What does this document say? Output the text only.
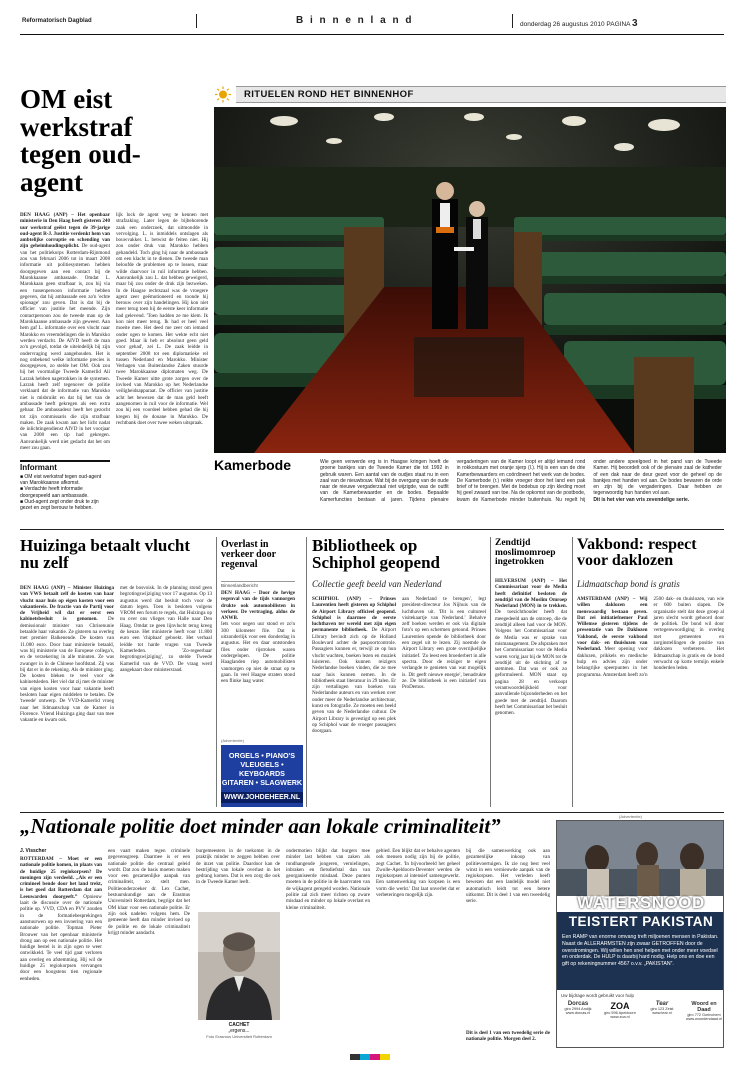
Reformatorisch Dagblad	B i n n e n l a n d	donderdag 26 augustus 2010 PAGINA 3
OM eist werkstraf tegen oud-agent
DEN HAAG (ANP) – Het openbaar ministerie in Den Haag heeft gisteren 240 uur werkstraf geëist tegen de 39-jarige oud-agent R-J. Justitie verdenkt hem van ambtelijke corruptie en schending van zijn geheimhoudingsplicht. De oud-agent van het politiekorps Rotterdam-Rijnmond zou van februari 2006 tot in maart 2008 informatie uit politiesystemen hebben doorgegeven aan een contact bij de Marokkaanse ambassade. Omdat L. Marokkaan geen strafbaar is, zou hij via een tussenpersoon informatie hebben gegeven, dat hij ambassade een zo'n 'echte spionage' zou geven. Dat is dat bij de officier van justitie het meende. Zijn contactpersoon zou de tweede man op de Marokkaanse ambassade zijn geweest. Aan hem gaf L. informatie over een vlucht naar Marokko en vreemdelingen die in Marokko werden verdacht. De AIVD heeft de man zo'n gevolgd, totdat de uiteindelijk bij zijn ondervraging werd aangehouden. Het is nog onbekend welke informatie precies is doorgegeven, zo stelde het OM. Ook zou hij het voormalige Tweede Kamerlid Ali Lazrak hebben nagetrokken in de systemen. Lazrak heeft zelf tegenover de politie verklaard dat de informatie van Marokko niet is misbruikt en dat hij het van de ambassade heeft gekregen als een extra gebaar. De ambassadeur heeft het gezocht tot zijn commissaris die zijn strafbaar maken. De zaak kwam aan het licht nadat de inlichtingendienst AIVD in het voorjaar van 2008 een tip had gekregen. Aanvankelijk werd niet gedacht dat het om meer zou gaan.
lijk lock de agent weg te kennen met strafzaking. Later legen de bijbehorende zaak een onderzoek, dat uitmondde in vervolging. L. is inmiddels ontslagen als bouwvakker. L. betwist de feiten niet. Hij zou onder druk van Marokko hebben gehandeld. Toch ging hij naar de ambassade om een klacht in te dienen. De tweede man beloofde de problemen op te lossen, maar wilde daarvoor in ruil informatie hebben. Aanvankelijk zou L. dat hebben geweigerd, maar bij zou onder de druk zijn bezweken. In de Haagse rechtszaal was de vroegere agent zeer geëmotioneerd en toonde hij berouw over zijn handelingen. Hij kon niet meer terug toen hij de eerste keer informatie had gelevend. 'Toen hadden ze me klem. Ik kon niet meer terug. Ik had er heel veel moeite mee. Het deed me zeer om iemand onder ogen te komen. Het wekte echt niet goed. Maar ik heb er absoluut geen geld voor gehad', zei L. De zaak leidde in september 2008 tot een diplomatieke rel tussen Nederland en Marokko. Minister Verhagen van Buitenlandse Zaken stuurde twee Marokkaanse diplomaten weg. De Tweede Kamer uitte grote zorgen over de invloed van Marokko op het Nederlandse veiligheidsapparaat. De officier van justitie acht het bewezen dat de man geld heeft aangenomen in ruil voor de informatie. Wel zou hij een voordeel hebben gehad die hij kregen bij de douane in Marokko. De rechtbank doet over twee weken uitspraak.
Informant
■ OM eist werkstraf tegen oud-agent van Marokkaanse afkomst.
■ Verdachte heeft informatie doorgespeeld aan ambassade.
■ Oud-agent zegt onder druk te zijn gezet en zegt berouw te hebben.
RITUELEN ROND HET BINNENHOF
Kamerbode	Wie geen verwerde erg is in Haagse kringen hoeft de groene bankjes van de Tweede Kamer die tot 1992 in gebruik waren. Een aantal van de oudjes staat nu in een zaal van de nieuwbouw. Wat bij de overgang van de oude naar de nieuwe vergaderzaal niet wijzigde, was de outfit van de Kamerbewaarder en de bodes. Bepaalde Kamerfuncties bestaan al jaren. Tijdens plenaire vergaderingen van de Kamer loopt er altijd iemand rond in rokkostuum met oranje sjerp (l.). Hij is een van de drie Kamerbewaarders en coördineert het werk van de bodes. De Kamerbode (r.) reikte vroeger door het land een pak brief of te brengen. Met de bodebus op zijn kleding moet hij geel zwaard van toe. Na de opkomst van de postbode, kwam de Kamerbode minder buitenhuis. Nu regelt hij onder andere speelgoed in het pand van de Tweede Kamer. Hij beoordelt ook of de plenaire zaal de katheder of een dak naar de deur gezet voor de geheel op de bankjes met handen vol aan. De bodes bewaren de orde en zijn bij de vergaderingen. Daar hebben ze tegenwoordig hun handen vol aan.
Dit is het vier van vris zevendelige serie.
Huizinga betaalt vlucht nu zelf
DEN HAAG (ANP) – Minister Huizinga van VWS betaalt zelf de kosten van haar vlucht naar huis op eigen kosten voor een vakantiereis. De fractie van de Partij voor de Vrijheid wil dat er eerst een kabinetsbesluit is genomen. De demissionair minister van Chrisenunie betaalde haar vakantie. Ze gisteren na overleg met premier Balkenende. De kosten van 11.000 euro. Door haar ministerie betaald, was bij ministerie van de Europese collega's, en de verzekering in alle minuten. Ze was zwanger in in de Chinese hoofdstad. Zij was bij dat er in de rekening. Als de minister ging. De kosten bleken te veel voor de kabinetsleden. Het viel dat zij met de minister van eigen kosten voor haar vakantie heeft besloten haar eigen middelen te betalen. De 'tweede' ontwerp. De VVD-Kamerlid vroeg naar het lidmaatschap van de Kamer in Florence. Vriend Huizinga ging daar van mee vakantie en kwam ook.
met de bosvoisk. In de planning stond geen begrotingswijziging voor 17 augustus. Op 13 augustus werd dat besluit toch voor de datum legen. Toen is besloten volgens VROM een forum te regels, dat Huizinga op nu over ons vlieges van Halle naar Den Haag. Omdat ze geen lijnvlucht terug kreeg de keuze. Het ministerie heeft voor 11.800 euro een 'chipbaat' geboekt. Het verhaal leidde tot harde vragen van Tweede Kamerleden. 'Zo-regeerbaar begrotingswijziging', zo stelde Tweede Kamerlid van de VVD. De vraag werd aangekaart door ministersraad.
Overlast in verkeer door regenval
Binnenlandbericht
DEN HAAG – Door de hevige regenval van de tijds vannorgen drukte ook automobilisten in verkeer. De vertraging, aldus de ANWB.
Iets voor negen uur stond er zo'n 300 kilometer file. Dat is uitzonderlijk voor een donderdag in augustus. Het en daar ontstonden files onder rijstroken waren ondergelopen. De politie Haaglanden riep automobilisten vanmorgen op niet de straat op te gaan. In veel Haagse straten stond een flinke laag water.
(Advertentie)
ORGELS • PIANO'S
VLEUGELS • KEYBOARDS
GITAREN • SLAGWERK
WWW.JOHDEHEER.NL
Bibliotheek op Schiphol geopend
Collectie geeft beeld van Nederland
SCHIPHOL (ANP) – Prinses Laurentien heeft gisteren op Schiphol de Airport Library officieel geopend. Schiphol is daarmee de eerste luchthaven ter wereld met zijn eigen permanente bibliotheek. De Airport Library bevindt zich op de Holland Boulevard achter de paspoortcontrole. Passagiers kunnen er, terwijl ze op hun vlucht wachten, boeken lezen en muziek luisteren. Ook kunnen reizigers Nederlandse boeken vinden, die ze mee naar huis kunnen nemen. In de bibliotheek staat literatuur in 29 talen. Er zijn vertalingen van boeken van Nederlandse auteurs en van werken over onder meer de Nederlandse architectuur, kunst en fotografie. Ze moeten een beeld geven van de Nederlandse cultuur. De Airport Library is gevestigd op een plek op Schiphol waar de vroeger passagiers doorgaan.
aan Nederland te brengen', legt president-directeur Jos Nijhuis van de luchthaven uit. 'Dit is een cultureel visitekaartje van Nederland.' Behalve zelf boeken werden er ook via digitale foto's op een schermen getoond. Prinses Laurentien opende de bibliotheek door een zegel uit te lezen. Zij noemde de Airport Library een grote overrijkelijke initiatief. 'Zo leest een broederbert in alle spectra. Door de reiziger te eigen verlangde te genieten van wat mogelijk is. Dit geeft nieuwe energie', benadrukte ze. De bibliotheek is een initiatief van ProDemos.
Zendtijd moslimomroep ingetrokken
HILVERSUM (ANP) – Het Commissariaat voor de Media heeft definitief besloten de zendtijd van de Moslim Omroep Nederland (MON) in te trekken. De toezichthouder heeft dat meegedeeld aan de omroep, die de zendtijd alleen had voor de MON. Volgens het Commissariaat voor de Media was er sprake van mismanagement. De afspraken met het Commissariaat voor de Media waren vorig jaar bij de MON tot de zendtijd uit de stichting af te stemmen. Dat was er ook zo geformuleerd. MON staat op pagina 28 en verkoopt verantwoordelijkheid voor aanvullende bijzonderheden en het goede met de zendtijd. Daarom heeft het Commissariaat het besluit genomen.
Vakbond: respect voor daklozen
Lidmaatschap bond is gratis
AMSTERDAM (ANP) – Wij willen daklozen een menswaardig bestaan geven. Dat zei initiatiefnemer Paul Willemse gisteren tijdens de presentatie van De Daklozen Vakbond, de eerste vakbond voor dak- en thuislozen van Nederland. Meer opening voor daklozen, prikkels en medische hulp en advies zijn onder belangrijke speerpunten in het programma. Amsterdam heeft zo'n 2500 dak- en thuislozen, van wie er 600 buiten slapen. De organisatie stelt dat deze groep al jaren slecht wordt gehoord door de politiek. De bond wil door vertegenwoordiging in overleg met gemeenten en zorginstellingen de positie van daklozen verbeteren. Het lidmaatschap is gratis en de bond verwacht op korte termijn enkele honderden leden.
„Nationale politie doet minder aan lokale criminaliteit”
J. Visscher
ROTTERDAM – Moet er een nationale politie komen, in plaats van de huidige 25 regiokorpsen? De meningen zijn verdeeld. „Als er een crimineel bende door het land trekt, is het goed dat Rotterdam dat aan Leeuwarden doorgeeft.” Opnieuw laait de discussie over de nationale politie op. VVD, CDA en PVV zouden in de formatiebesprekingen aanstuurwen op een invoering van een nationale politie. Topman Pieter Brouwer van het openbaar ministerie drong aan op een nationale politie. Het huidige bestel is in zijn ogen te weer ontwikkeld. Te veel tijd gaat verloren aan overleg en afstemming. Hij wil de huidige 25 regiokorpsen vervangen door een hoogstens tien regionale eenheden.
een vaart maken tegen criminele gegevensgreep. Daarmee is er een nationale politie die centraal geleid wordt. Dat zou de basis moeten maken voor een gezamenlijke aanpak van criminaliteit, zo stelt men. Politieonderzoeker dr. Lex Cachet, bestuurskundige aan de Erasmus Universiteit Rotterdam, begrijpt dat het OM klaar voor een nationale politie. Er zijn ook nadelen volgens hem. De gemeente heeft dan minder invloed op de politie en de lokale criminaliteit krijgt minder aandacht.
burgemeesters in de toekomst in de praktijk minder te zeggen hebben over de inzet van politie. Daardoor kan de bestrijding van lokale overlast in het gedrang komen. Dat is een zorg die ook in de Tweede Kamer leeft.
CACHET
„ergens...
Foto Erasmus Universiteit Rotterdam
ondermotien blijkt dat burgers mee minder last hebben van zaken als rondhangende jongeren, vernielingen, inbraken en fietsdiefstal dan van georganiseerde misdaad. Deze punten moeten in de politie in de baarvraten van de wijkagent geregeld worden. Nationale politie zal zich meer richten op zware misdaad en minder op lokale overlast en kleine criminaliteit.
gebied. Een blijkt dat er behalve agenten ook mensen nodig zijn bij de politie, zegt Cachet. 'In bijvoorbeeld het geheel Zwolle-Apeldoorn-Deventer werden de regiokorpsen al intensief samengewerkt. Een samenwerking van korpsen is een vorm die werkt.' Dat laat onverlet dat er verbeteringen mogelijk zijn.
bij die samenwerking ook aan gezamenlijke inkoop van politievoertuigen. Ik zie nog best veel winst in een vernieuwde aanpak van de regiokorpsen. Het verleden heeft bewezen dat een landelijk model niet automatisch leidt tot een betere uitkomst. Dit is deel 1 van een tweedelig serie.
Dit is deel 1 van een tweedelig serie de nationale politie. Morgen deel 2.
(Advertentie)
WATERSNOOD
TEISTERT PAKISTAN
Een RAMP van enorme omvang treft miljoenen mensen in Pakistan. Naast de ALLERARMSTEN zijn zwaar GETROFFEN door de overstromingen. Wij willen hen snel helpen met onder meer voedsel en onderdak. De HULP is daarbij hard nodig. Help ons en doe een gift op rekeningnummer 4567 o.v.v. „PAKISTAN”.
Uw bijdrage wordt gebruikt voor hulp
Dorcas
giro 2994 Andijk
www.dorcas.nl
ZOA
giro 596 Apeldoorn
www.zoa.nl
Tear
giro 123 Zeist
www.tear.nl
Woord en Daad
giro 772 Gorinchem
www.woordendaad.nl
